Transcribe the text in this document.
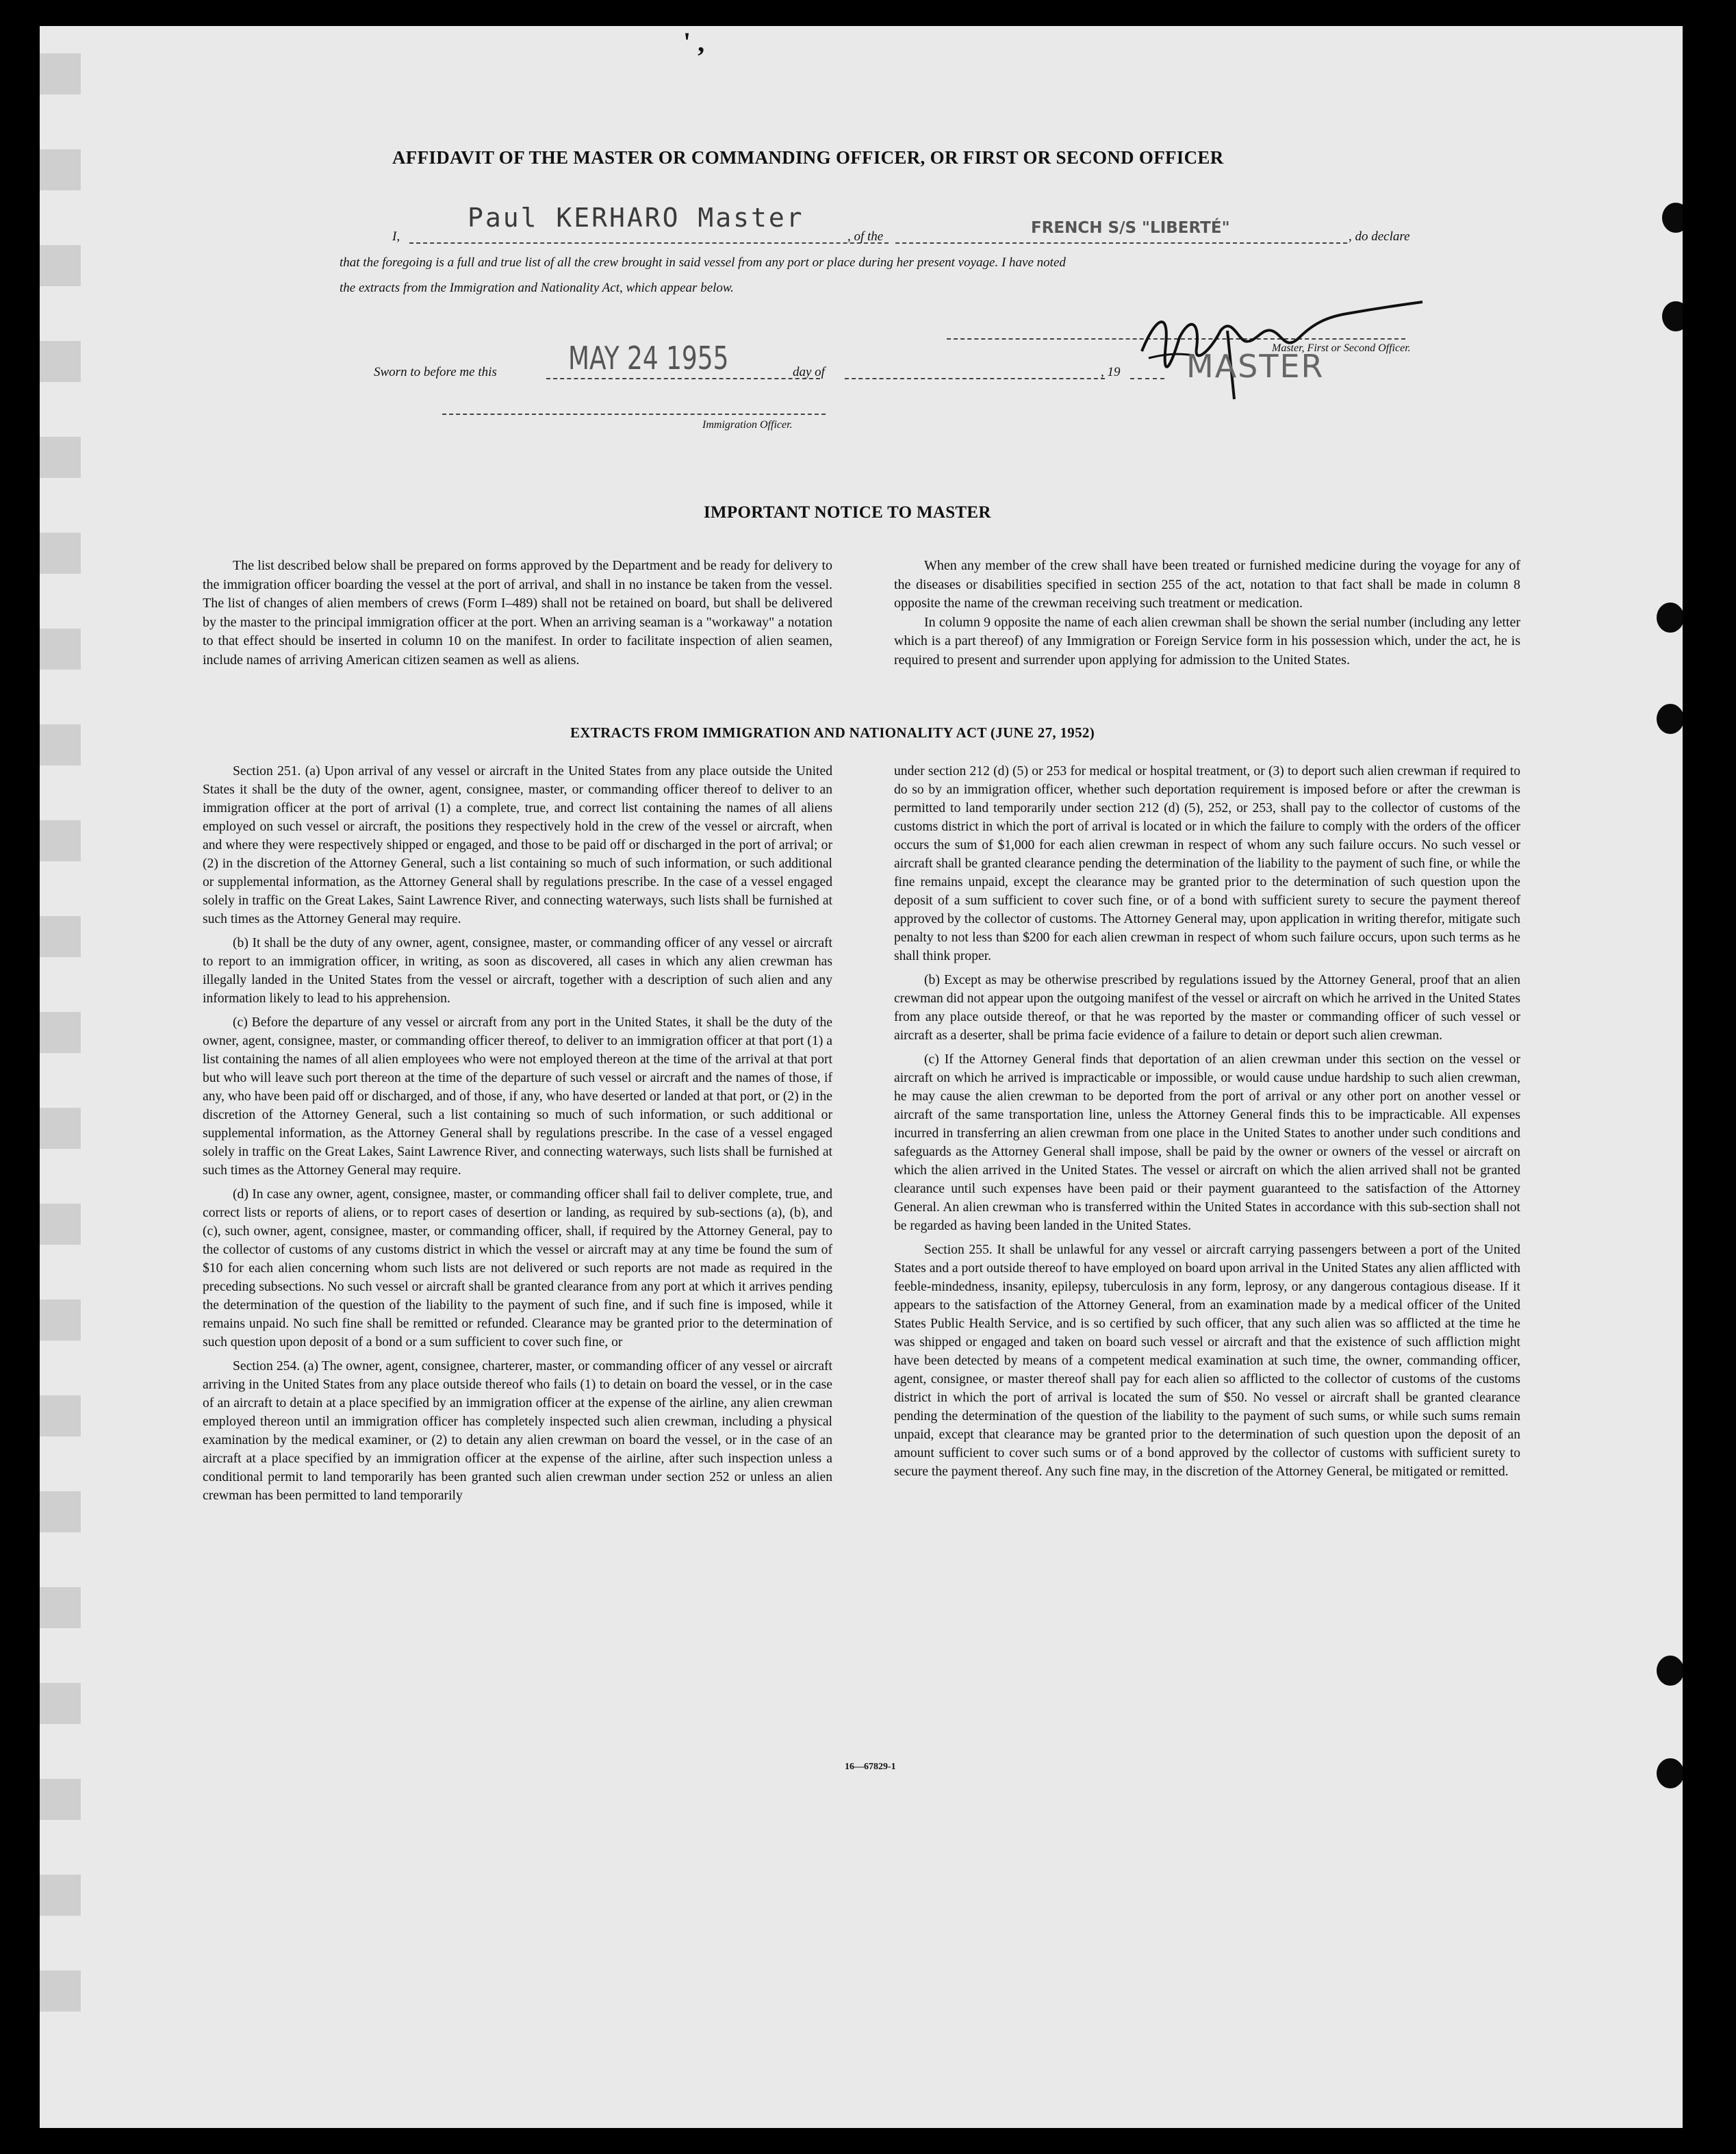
' ,
AFFIDAVIT OF THE MASTER OR COMMANDING OFFICER, OR FIRST OR SECOND OFFICER
I,
Paul KERHARO Master
, of the	FRENCH S/S "LIBERTÉ"	, do declare
that the foregoing is a full and true list of all the crew brought in said vessel from any port or place during her present voyage. I have noted
the extracts from the Immigration and Nationality Act, which appear below.
Master, First or Second Officer.
MASTER
Sworn to before me this MAY 24 1955	day of	, 19
Immigration Officer.
IMPORTANT NOTICE TO MASTER

The list described below shall be prepared on forms approved by the Department and be ready for delivery to the immigration officer boarding the vessel at the port of arrival, and shall in no instance be taken from the vessel. The list of changes of alien members of crews (Form I–489) shall not be retained on board, but shall be delivered by the master to the principal immigration officer at the port. When an arriving seaman is a "workaway" a notation to that effect should be inserted in column 10 on the manifest. In order to facilitate inspection of alien seamen, include names of arriving American citizen seamen as well as aliens.

When any member of the crew shall have been treated or furnished medicine during the voyage for any of the diseases or disabilities specified in section 255 of the act, notation to that fact shall be made in column 8 opposite the name of the crewman receiving such treatment or medication.

In column 9 opposite the name of each alien crewman shall be shown the serial number (including any letter which is a part thereof) of any Immigration or Foreign Service form in his possession which, under the act, he is required to present and surrender upon applying for admission to the United States.

EXTRACTS FROM IMMIGRATION AND NATIONALITY ACT (JUNE 27, 1952)

Section 251. (a) Upon arrival of any vessel or aircraft in the United States from any place outside the United States it shall be the duty of the owner, agent, consignee, master, or commanding officer thereof to deliver to an immigration officer at the port of arrival (1) a complete, true, and correct list containing the names of all aliens employed on such vessel or aircraft, the positions they respectively hold in the crew of the vessel or aircraft, when and where they were respectively shipped or engaged, and those to be paid off or discharged in the port of arrival; or (2) in the discretion of the Attorney General, such a list containing so much of such information, or such additional or supplemental information, as the Attorney General shall by regulations prescribe. In the case of a vessel engaged solely in traffic on the Great Lakes, Saint Lawrence River, and connecting waterways, such lists shall be furnished at such times as the Attorney General may require.

(b) It shall be the duty of any owner, agent, consignee, master, or commanding officer of any vessel or aircraft to report to an immigration officer, in writing, as soon as discovered, all cases in which any alien crewman has illegally landed in the United States from the vessel or aircraft, together with a description of such alien and any information likely to lead to his apprehension.

(c) Before the departure of any vessel or aircraft from any port in the United States, it shall be the duty of the owner, agent, consignee, master, or commanding officer thereof, to deliver to an immigration officer at that port (1) a list containing the names of all alien employees who were not employed thereon at the time of the arrival at that port but who will leave such port thereon at the time of the departure of such vessel or aircraft and the names of those, if any, who have been paid off or discharged, and of those, if any, who have deserted or landed at that port, or (2) in the discretion of the Attorney General, such a list containing so much of such information, or such additional or supplemental information, as the Attorney General shall by regulations prescribe. In the case of a vessel engaged solely in traffic on the Great Lakes, Saint Lawrence River, and connecting waterways, such lists shall be furnished at such times as the Attorney General may require.

(d) In case any owner, agent, consignee, master, or commanding officer shall fail to deliver complete, true, and correct lists or reports of aliens, or to report cases of desertion or landing, as required by sub-sections (a), (b), and (c), such owner, agent, consignee, master, or commanding officer, shall, if required by the Attorney General, pay to the collector of customs of any customs district in which the vessel or aircraft may at any time be found the sum of $10 for each alien concerning whom such lists are not delivered or such reports are not made as required in the preceding subsections. No such vessel or aircraft shall be granted clearance from any port at which it arrives pending the determination of the question of the liability to the payment of such fine, and if such fine is imposed, while it remains unpaid. No such fine shall be remitted or refunded. Clearance may be granted prior to the determination of such question upon deposit of a bond or a sum sufficient to cover such fine, or

Section 254. (a) The owner, agent, consignee, charterer, master, or commanding officer of any vessel or aircraft arriving in the United States from any place outside thereof who fails (1) to detain on board the vessel, or in the case of an aircraft to detain at a place specified by an immigration officer at the expense of the airline, any alien crewman employed thereon until an immigration officer has completely inspected such alien crewman, including a physical examination by the medical examiner, or (2) to detain any alien crewman on board the vessel, or in the case of an aircraft at a place specified by an immigration officer at the expense of the airline, after such inspection unless a conditional permit to land temporarily has been granted such alien crewman under section 252 or unless an alien crewman has been permitted to land temporarily

under section 212 (d) (5) or 253 for medical or hospital treatment, or (3) to deport such alien crewman if required to do so by an immigration officer, whether such deportation requirement is imposed before or after the crewman is permitted to land temporarily under section 212 (d) (5), 252, or 253, shall pay to the collector of customs of the customs district in which the port of arrival is located or in which the failure to comply with the orders of the officer occurs the sum of $1,000 for each alien crewman in respect of whom any such failure occurs. No such vessel or aircraft shall be granted clearance pending the determination of the liability to the payment of such fine, or while the fine remains unpaid, except the clearance may be granted prior to the determination of such question upon the deposit of a sum sufficient to cover such fine, or of a bond with sufficient surety to secure the payment thereof approved by the collector of customs. The Attorney General may, upon application in writing therefor, mitigate such penalty to not less than $200 for each alien crewman in respect of whom such failure occurs, upon such terms as he shall think proper.

(b) Except as may be otherwise prescribed by regulations issued by the Attorney General, proof that an alien crewman did not appear upon the outgoing manifest of the vessel or aircraft on which he arrived in the United States from any place outside thereof, or that he was reported by the master or commanding officer of such vessel or aircraft as a deserter, shall be prima facie evidence of a failure to detain or deport such alien crewman.

(c) If the Attorney General finds that deportation of an alien crewman under this section on the vessel or aircraft on which he arrived is impracticable or impossible, or would cause undue hardship to such alien crewman, he may cause the alien crewman to be deported from the port of arrival or any other port on another vessel or aircraft of the same transportation line, unless the Attorney General finds this to be impracticable. All expenses incurred in transferring an alien crewman from one place in the United States to another under such conditions and safeguards as the Attorney General shall impose, shall be paid by the owner or owners of the vessel or aircraft on which the alien arrived in the United States. The vessel or aircraft on which the alien arrived shall not be granted clearance until such expenses have been paid or their payment guaranteed to the satisfaction of the Attorney General. An alien crewman who is transferred within the United States in accordance with this sub-section shall not be regarded as having been landed in the United States.

Section 255. It shall be unlawful for any vessel or aircraft carrying passengers between a port of the United States and a port outside thereof to have employed on board upon arrival in the United States any alien afflicted with feeble-mindedness, insanity, epilepsy, tuberculosis in any form, leprosy, or any dangerous contagious disease. If it appears to the satisfaction of the Attorney General, from an examination made by a medical officer of the United States Public Health Service, and is so certified by such officer, that any such alien was so afflicted at the time he was shipped or engaged and taken on board such vessel or aircraft and that the existence of such affliction might have been detected by means of a competent medical examination at such time, the owner, commanding officer, agent, consignee, or master thereof shall pay for each alien so afflicted to the collector of customs of the customs district in which the port of arrival is located the sum of $50. No vessel or aircraft shall be granted clearance pending the determination of the question of the liability to the payment of such sums, or while such sums remain unpaid, except that clearance may be granted prior to the determination of such question upon the deposit of an amount sufficient to cover such sums or of a bond approved by the collector of customs with sufficient surety to secure the payment thereof. Any such fine may, in the discretion of the Attorney General, be mitigated or remitted.

16—67829-1
